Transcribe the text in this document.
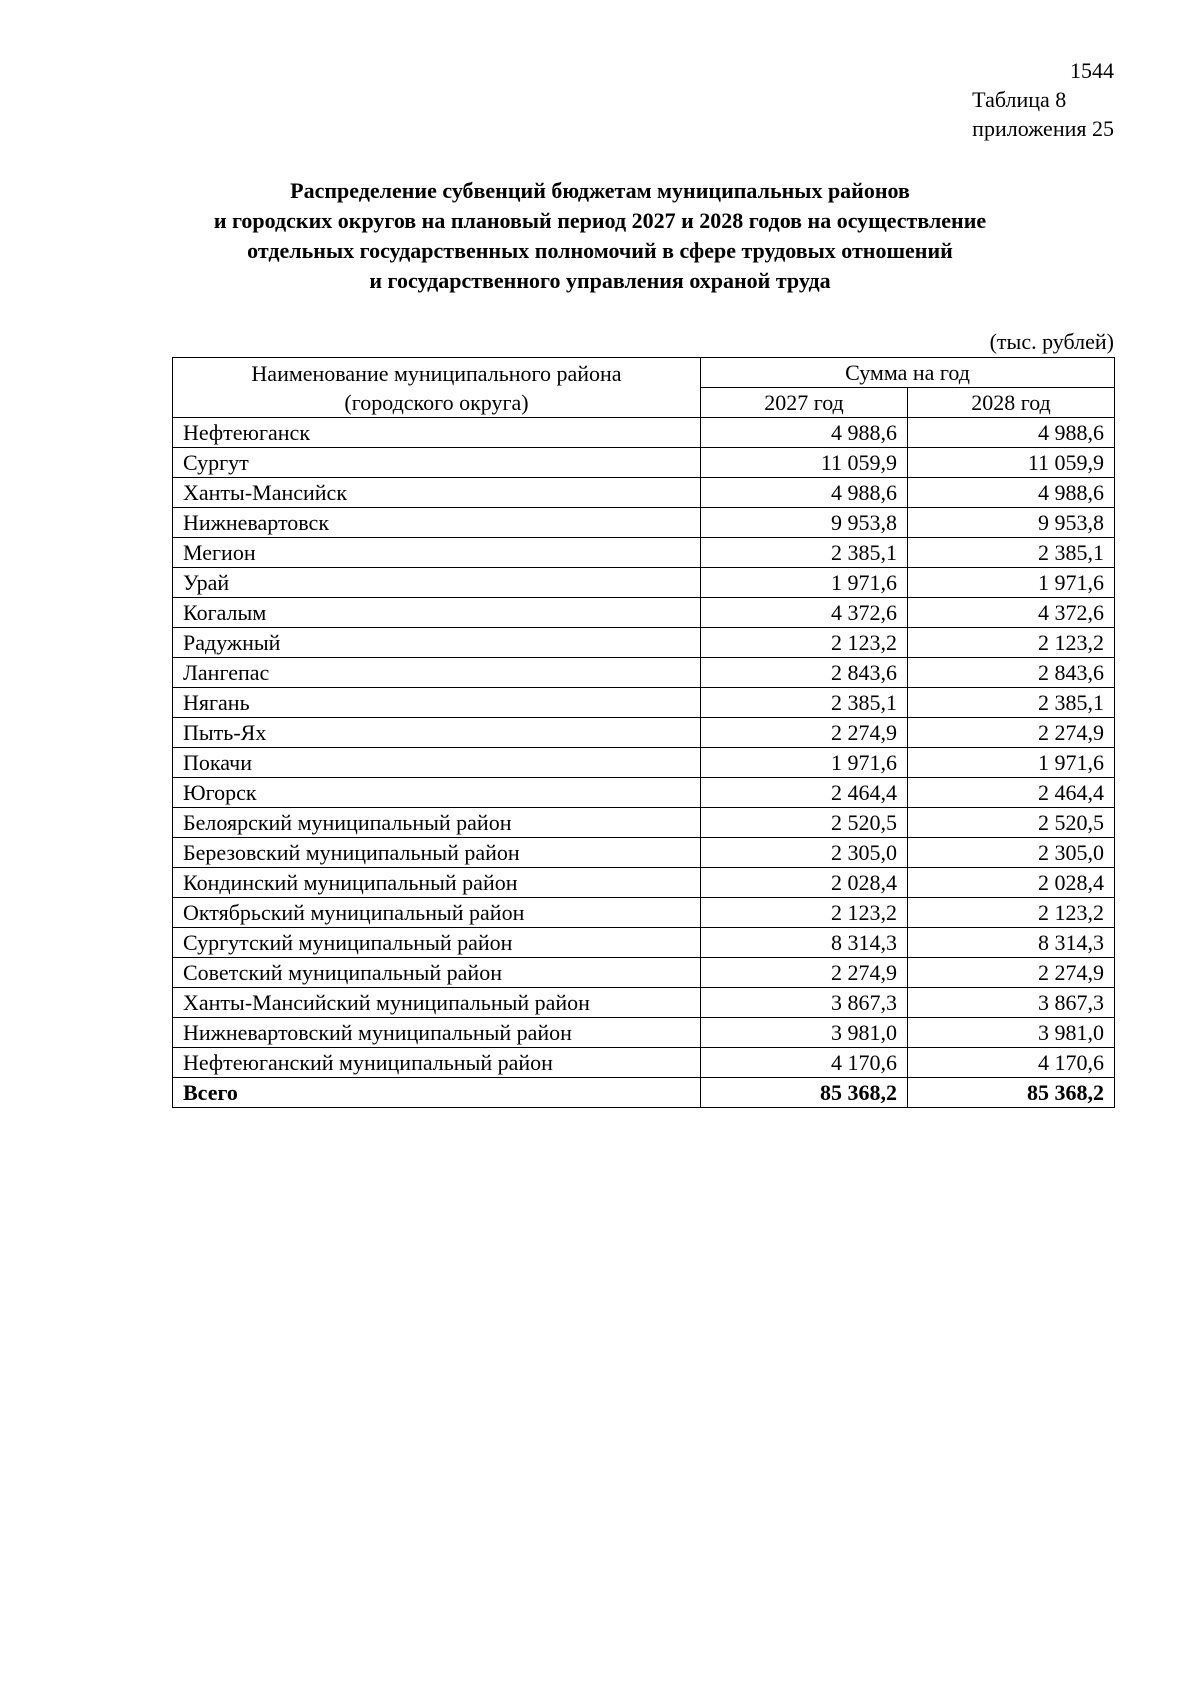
1544
Таблица 8
приложения 25
Распределение субвенций бюджетам муниципальных районов
и городских округов на плановый период 2027 и 2028 годов на осуществление
отдельных государственных полномочий в сфере трудовых отношений
и государственного управления охраной труда
(тыс. рублей)
Наименование муниципального района
(городского округа)	Сумма на год	
	2027 год	2028 год
Нефтеюганск	4 988,6	4 988,6
Сургут	11 059,9	11 059,9
Ханты-Мансийск	4 988,6	4 988,6
Нижневартовск	9 953,8	9 953,8
Мегион	2 385,1	2 385,1
Урай	1 971,6	1 971,6
Когалым	4 372,6	4 372,6
Радужный	2 123,2	2 123,2
Лангепас	2 843,6	2 843,6
Нягань	2 385,1	2 385,1
Пыть-Ях	2 274,9	2 274,9
Покачи	1 971,6	1 971,6
Югорск	2 464,4	2 464,4
Белоярский муниципальный район	2 520,5	2 520,5
Березовский муниципальный район	2 305,0	2 305,0
Кондинский муниципальный район	2 028,4	2 028,4
Октябрьский муниципальный район	2 123,2	2 123,2
Сургутский муниципальный район	8 314,3	8 314,3
Советский муниципальный район	2 274,9	2 274,9
Ханты-Мансийский муниципальный район	3 867,3	3 867,3
Нижневартовский муниципальный район	3 981,0	3 981,0
Нефтеюганский муниципальный район	4 170,6	4 170,6
Всего	85 368,2	85 368,2
